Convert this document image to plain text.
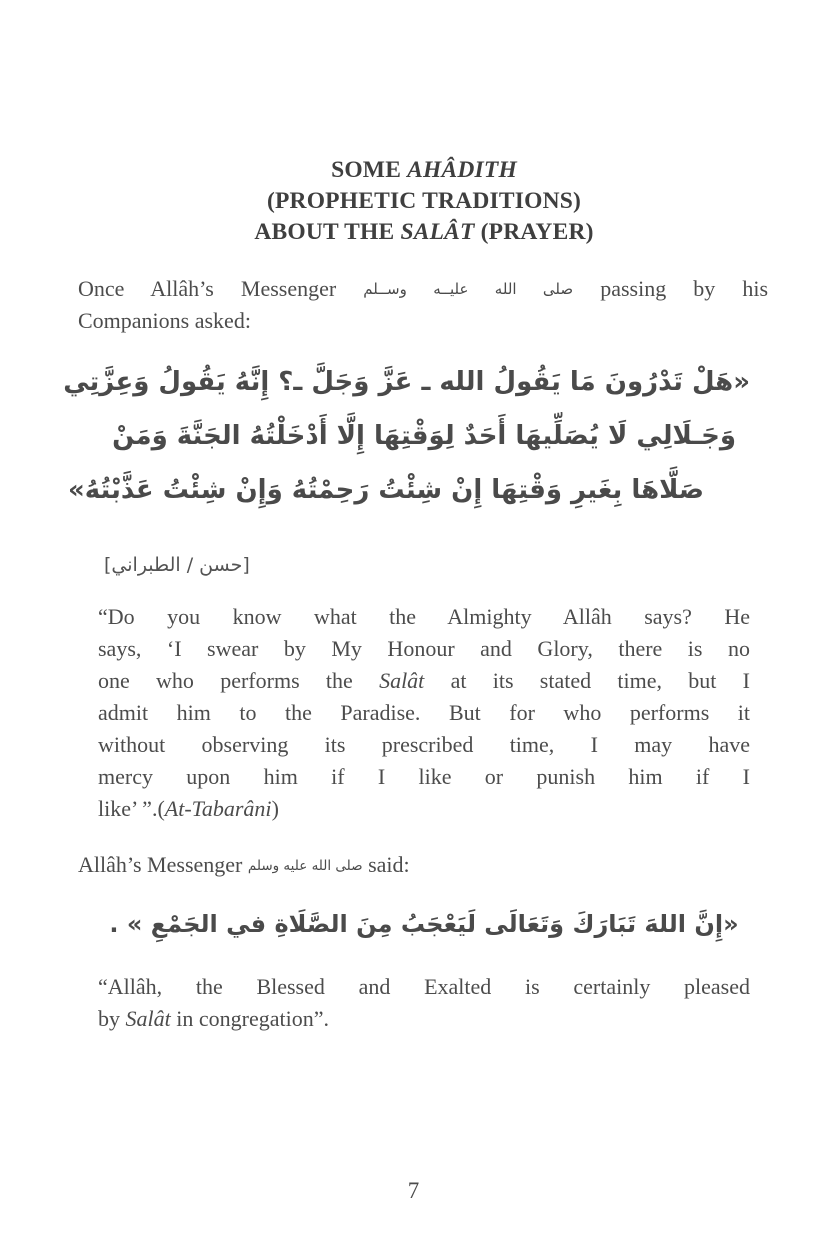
SOME AHÂDITH
(PROPHETIC TRADITIONS)
ABOUT THE SALÂT (PRAYER)
Once Allâh’s Messenger صلى الله عليــه وســلم passing by his
Companions asked:
«هَلْ تَدْرُونَ مَا يَقُولُ الله ـ عَزَّ وَجَلَّ ـ؟ إِنَّهُ يَقُولُ وَعِزَّتِي
وَجَـلَالِي لَا يُصَلِّيهَا أَحَدٌ لِوَقْتِهَا إِلَّا أَدْخَلْتُهُ الجَنَّةَ وَمَنْ
صَلَّاهَا بِغَيرِ وَقْتِهَا إِنْ شِئْتُ رَحِمْتُهُ وَإِنْ شِئْتُ عَذَّبْتُهُ»
[حسن / الطبراني]
“Do you know what the Almighty Allâh says? He
says, ‘I swear by My Honour and Glory, there is no
one who performs the Salât at its stated time, but I
admit him to the Paradise. But for who performs it
without observing its prescribed time, I may have
mercy upon him if I like or punish him if I
like’ ”.(At-Tabarâni)
Allâh’s Messenger صلى الله عليه وسلم said:
«إِنَّ اللهَ تَبَارَكَ وَتَعَالَى لَيَعْجَبُ مِنَ الصَّلَاةِ في الجَمْعِ » .
“Allâh, the Blessed and Exalted is certainly pleased
by Salât in congregation”.
7
